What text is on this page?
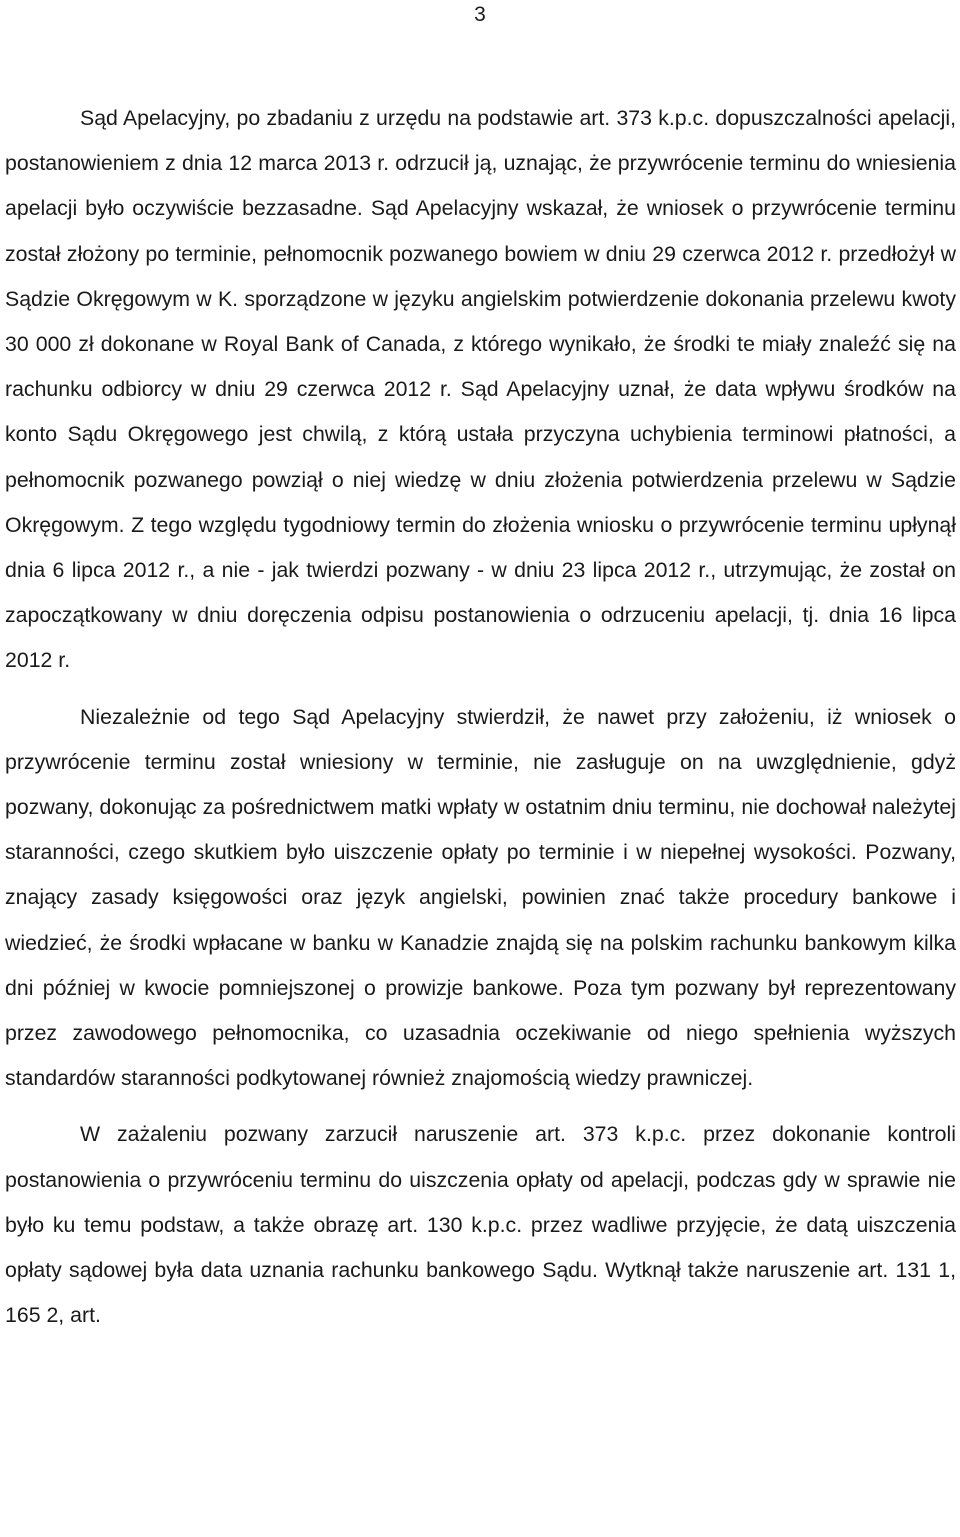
3

Sąd Apelacyjny, po zbadaniu z urzędu na podstawie art. 373 k.p.c. dopuszczalności apelacji, postanowieniem z dnia 12 marca 2013 r. odrzucił ją, uznając, że przywrócenie terminu do wniesienia apelacji było oczywiście bezzasadne. Sąd Apelacyjny wskazał, że wniosek o przywrócenie terminu został złożony po terminie, pełnomocnik pozwanego bowiem w dniu 29 czerwca 2012 r. przedłożył w Sądzie Okręgowym w K. sporządzone w języku angielskim potwierdzenie dokonania przelewu kwoty 30 000 zł dokonane w Royal Bank of Canada, z którego wynikało, że środki te miały znaleźć się na rachunku odbiorcy w dniu 29 czerwca 2012 r. Sąd Apelacyjny uznał, że data wpływu środków na konto Sądu Okręgowego jest chwilą, z którą ustała przyczyna uchybienia terminowi płatności, a pełnomocnik pozwanego powziął o niej wiedzę w dniu złożenia potwierdzenia przelewu w Sądzie Okręgowym. Z tego względu tygodniowy termin do złożenia wniosku o przywrócenie terminu upłynął dnia 6 lipca 2012 r., a nie - jak twierdzi pozwany - w dniu 23 lipca 2012 r., utrzymując, że został on zapoczątkowany w dniu doręczenia odpisu postanowienia o odrzuceniu apelacji, tj. dnia 16 lipca 2012 r.

Niezależnie od tego Sąd Apelacyjny stwierdził, że nawet przy założeniu, iż wniosek o przywrócenie terminu został wniesiony w terminie, nie zasługuje on na uwzględnienie, gdyż pozwany, dokonując za pośrednictwem matki wpłaty w ostatnim dniu terminu, nie dochował należytej staranności, czego skutkiem było uiszczenie opłaty po terminie i w niepełnej wysokości. Pozwany, znający zasady księgowości oraz język angielski, powinien znać także procedury bankowe i wiedzieć, że środki wpłacane w banku w Kanadzie znajdą się na polskim rachunku bankowym kilka dni później w kwocie pomniejszonej o prowizje bankowe. Poza tym pozwany był reprezentowany przez zawodowego pełnomocnika, co uzasadnia oczekiwanie od niego spełnienia wyższych standardów staranności podkytowanej również znajomością wiedzy prawniczej.

W zażaleniu pozwany zarzucił naruszenie art. 373 k.p.c. przez dokonanie kontroli postanowienia o przywróceniu terminu do uiszczenia opłaty od apelacji, podczas gdy w sprawie nie było ku temu podstaw, a także obrazę art. 130 k.p.c. przez wadliwe przyjęcie, że datą uiszczenia opłaty sądowej była data uznania rachunku bankowego Sądu. Wytknął także naruszenie art. 131 1, 165 2, art.
